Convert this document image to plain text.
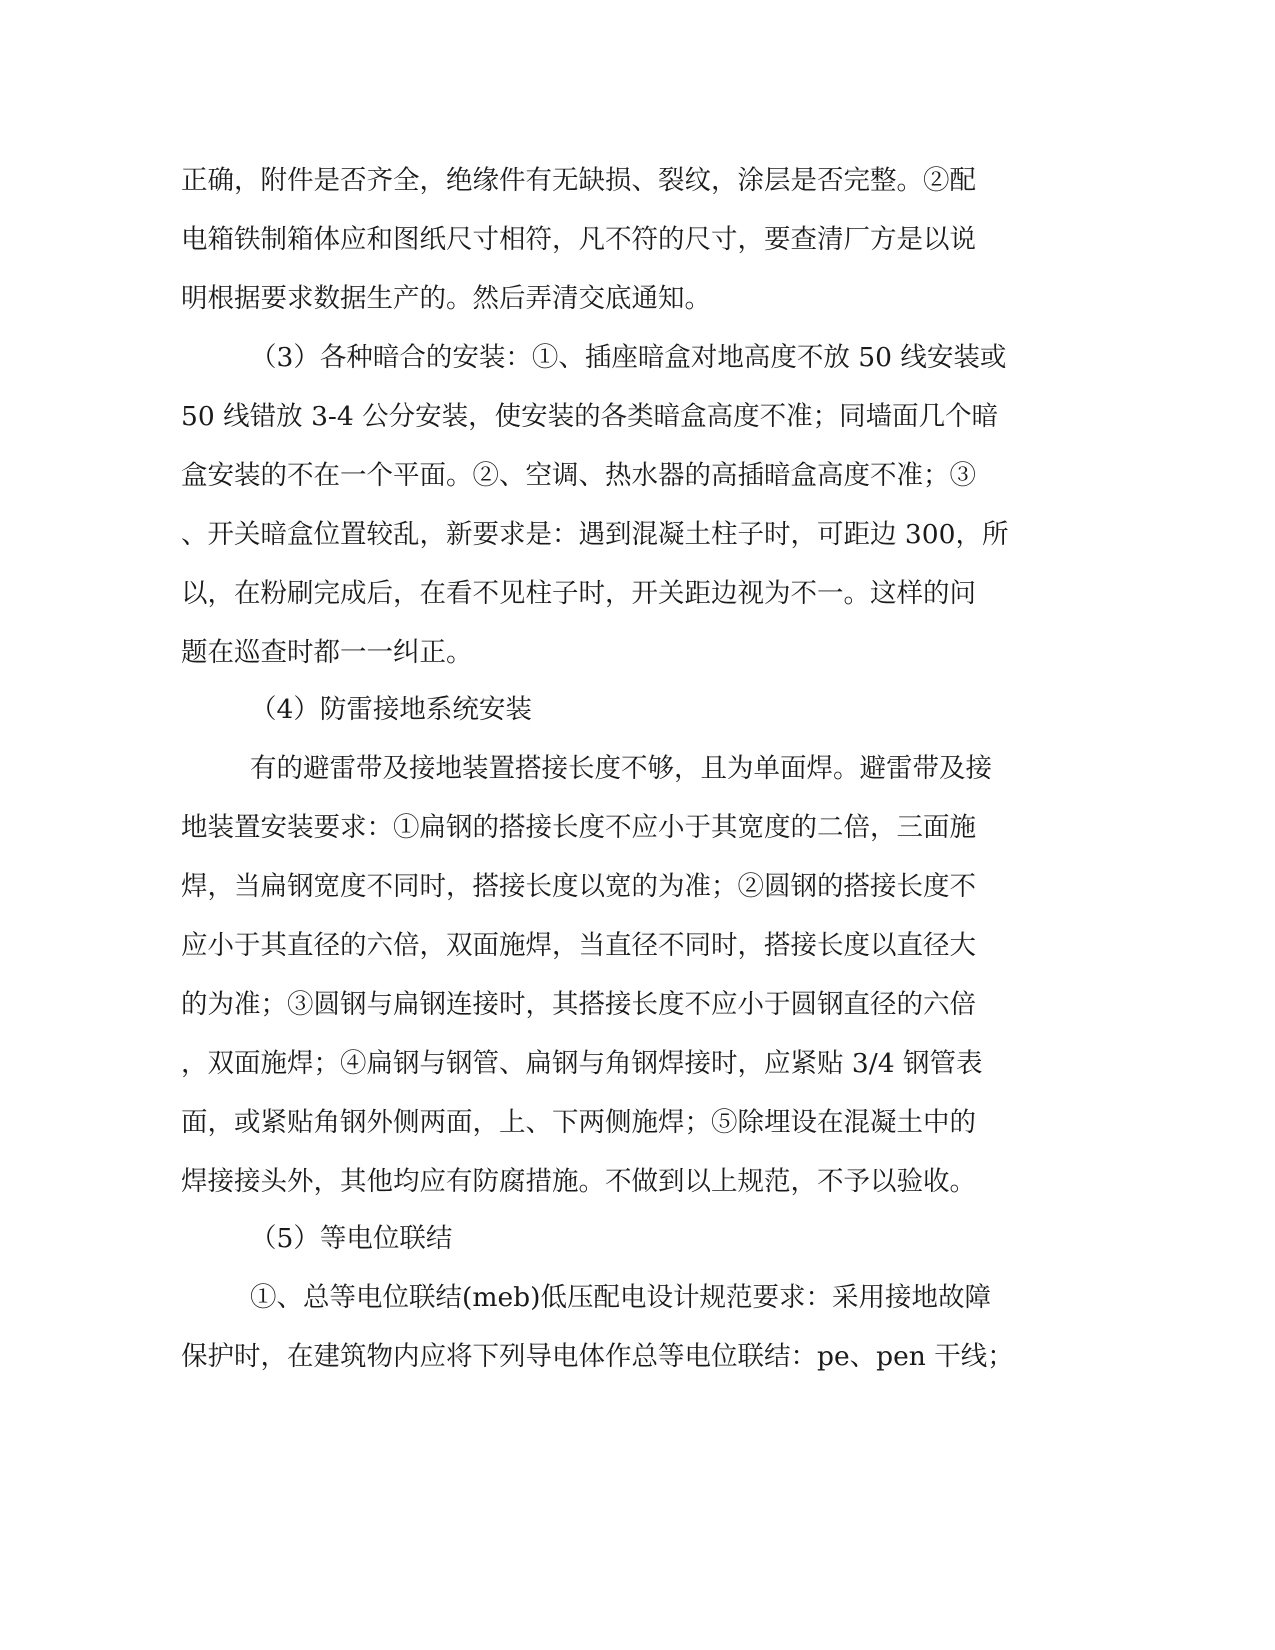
正确，附件是否齐全，绝缘件有无缺损、裂纹，涂层是否完整。②配
电箱铁制箱体应和图纸尺寸相符，凡不符的尺寸，要查清厂方是以说
明根据要求数据生产的。然后弄清交底通知。
（3）各种暗合的安装：①、插座暗盒对地高度不放 50 线安装或
50 线错放 3-4 公分安装，使安装的各类暗盒高度不准；同墙面几个暗
盒安装的不在一个平面。②、空调、热水器的高插暗盒高度不准；③
、开关暗盒位置较乱，新要求是：遇到混凝土柱子时，可距边 300，所
以，在粉刷完成后，在看不见柱子时，开关距边视为不一。这样的问
题在巡查时都一一纠正。
（4）防雷接地系统安装
有的避雷带及接地装置搭接长度不够，且为单面焊。避雷带及接
地装置安装要求：①扁钢的搭接长度不应小于其宽度的二倍，三面施
焊，当扁钢宽度不同时，搭接长度以宽的为准；②圆钢的搭接长度不
应小于其直径的六倍，双面施焊，当直径不同时，搭接长度以直径大
的为准；③圆钢与扁钢连接时，其搭接长度不应小于圆钢直径的六倍
，双面施焊；④扁钢与钢管、扁钢与角钢焊接时，应紧贴 3/4 钢管表
面，或紧贴角钢外侧两面，上、下两侧施焊；⑤除埋设在混凝土中的
焊接接头外，其他均应有防腐措施。不做到以上规范，不予以验收。
（5）等电位联结
①、总等电位联结(meb)低压配电设计规范要求：采用接地故障
保护时，在建筑物内应将下列导电体作总等电位联结：pe、pen 干线；
